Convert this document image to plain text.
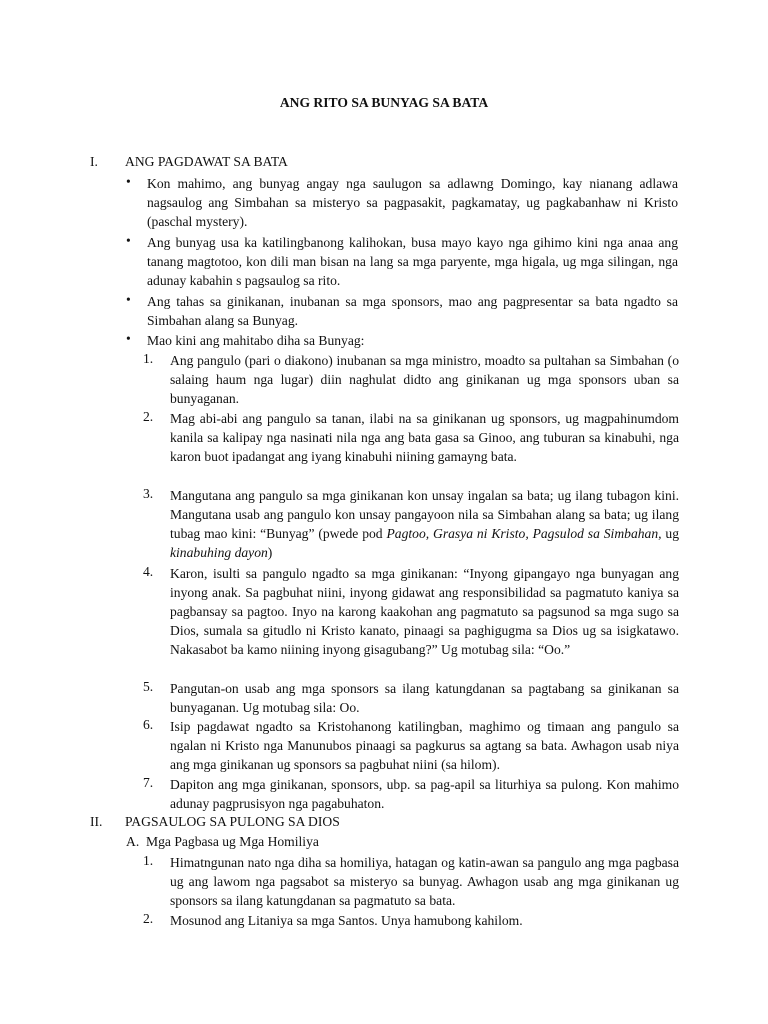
ANG RITO SA BUNYAG SA BATA
I. ANG PAGDAWAT SA BATA
•	Kon mahimo, ang bunyag angay nga saulugon sa adlawng Domingo, kay nianang adlawa nagsaulog ang Simbahan sa misteryo sa pagpasakit, pagkamatay, ug pagkabanhaw ni Kristo (paschal mystery).

•	Ang bunyag usa ka katilingbanong kalihokan, busa mayo kayo nga gihimo kini nga anaa ang tanang magtotoo, kon dili man bisan na lang sa mga paryente, mga higala, ug mga silingan, nga adunay kabahin s pagsaulog sa rito.

•	Ang tahas sa ginikanan, inubanan sa mga sponsors, mao ang pagpresentar sa bata ngadto sa Simbahan alang sa Bunyag.

•	Mao kini ang mahitabo diha sa Bunyag:

1.	Ang pangulo (pari o diakono) inubanan sa mga ministro, moadto sa pultahan sa Simbahan (o salaing haum nga lugar) diin naghulat didto ang ginikanan ug mga sponsors uban sa bunyaganan.

2.	Mag abi-abi ang pangulo sa tanan, ilabi na sa ginikanan ug sponsors, ug magpahinumdom kanila sa kalipay nga nasinati nila nga ang bata gasa sa Ginoo, ang tuburan sa kinabuhi, nga karon buot ipadangat ang iyang kinabuhi niining gamayng bata.

3.	Mangutana ang pangulo sa mga ginikanan kon unsay ingalan sa bata; ug ilang tubagon kini. Mangutana usab ang pangulo kon unsay pangayoon nila sa Simbahan alang sa bata; ug ilang tubag mao kini: “Bunyag” (pwede pod Pagtoo, Grasya ni Kristo, Pagsulod sa Simbahan, ug kinabuhing dayon)

4.	Karon, isulti sa pangulo ngadto sa mga ginikanan: “Inyong gipangayo nga bunyagan ang inyong anak. Sa pagbuhat niini, inyong gidawat ang responsibilidad sa pagmatuto kaniya sa pagbansay sa pagtoo. Inyo na karong kaakohan ang pagmatuto sa pagsunod sa mga sugo sa Dios, sumala sa gitudlo ni Kristo kanato, pinaagi sa paghigugma sa Dios ug sa isigkatawo. Nakasabot ba kamo niining inyong gisagubang?” Ug motubag sila: “Oo.”

5.	Pangutan-on usab ang mga sponsors sa ilang katungdanan sa pagtabang sa ginikanan sa bunyaganan. Ug motubag sila: Oo.

6.	Isip pagdawat ngadto sa Kristohanong katilingban, maghimo og timaan ang pangulo sa ngalan ni Kristo nga Manunubos pinaagi sa pagkurus sa agtang sa bata. Awhagon usab niya ang mga ginikanan ug sponsors sa pagbuhat niini (sa hilom).

7.	Dapiton ang mga ginikanan, sponsors, ubp. sa pag-apil sa liturhiya sa pulong. Kon mahimo adunay pagprusisyon nga pagabuhaton.

II. PAGSAULOG SA PULONG SA DIOS
A. Mga Pagbasa ug Mga Homiliya
1.	Himatngunan nato nga diha sa homiliya, hatagan og katin-awan sa pangulo ang mga pagbasa ug ang lawom nga pagsabot sa misteryo sa bunyag. Awhagon usab ang mga ginikanan ug sponsors sa ilang katungdanan sa pagmatuto sa bata.

2.	Mosunod ang Litaniya sa mga Santos. Unya hamubong kahilom.
